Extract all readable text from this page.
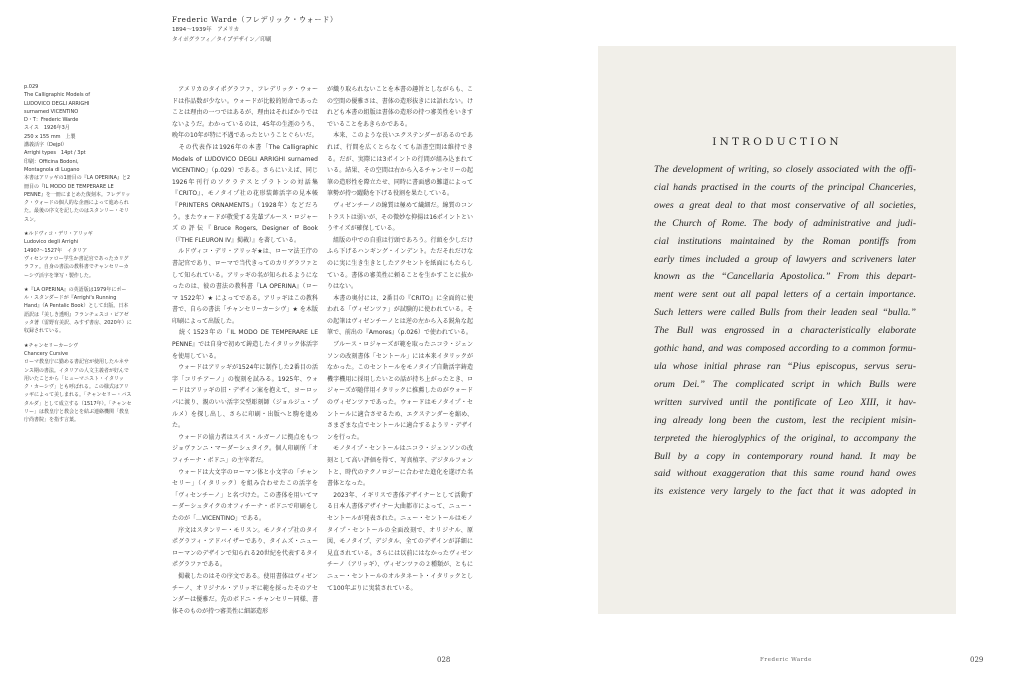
Frederic Warde（フレデリック・ウォード）
1894〜1939年　アメリカ
タイポグラフィ／タイプデザイン／印刷

p.029

The Calligraphic Models of
LUDOVICO DEGLI ARRIGHI
surnamed VICENTINO

D・T：Frederic Warde
スイス　1926年3月
250 x 155 mm　上製
講義活字（Dejpl）
Arrighi types　14pt / 3pt
印刷：Officina Bodoni,
Montagnola di Lugano

本書はアリッギの1冊目の『LA OPERINA』と2冊目の『IL MODO DE TEMPERARE LE PENNE』を一冊にまとめた復刻本。フレデリック・ウォードの個人的な企画によって進められた。最後の序文を記したのはスタンリー・モリスン。

★ルドヴィコ・デリ・アリッギ
Ludovico degli Arrighi
1490?〜1527年　イタリア
ヴィセンツァロー学生か書記官であったカリグラファ。自身の書法の教科書でチャンセリーカーシヴ活字を筆写・製作した。

★『LA OPERINA』の英語版は1979年にポール・スタンダードが『Arrighi's Running Hand』（A Pentalic Book）として出版。日本語訳は『美しき透明』フランチェスコ・ビアゼッタ著（雷野有美訳、みすず書房、2020年）に収録されている。

★チャンセリーカーシヴ
Chancery Cursive
ローマ教皇庁に勤める書記官が使用したルネサンス期の書法。イタリアの人文主義者が好んで用いたことから「ヒューマニスト・イタリック・カーシヴ」とも呼ばれる。この様式はアリッギによって美しまれる。「チャンセリー・バスタルダ」として成立する（1517年）。「チャンセリー」は教皇庁と教会とを結ぶ連絡機関「教皇庁尚書院」を指す言葉。

　アメリカのタイポグラファ、フレデリック・ウォードは作品数が少ない。ウォードが比較的短命であったことは理由の一つではあるが、理由はそればかりではないようだ。わかっているのは、45年の生涯のうち、晩年の10年が特に不遇であったということぐらいだ。

　その代表作は1926年の本書「The Calligraphic Models of LUDOVICO DEGLI ARRIGHI surnamed VICENTINO」（p.029）である。さらにいえば、同じ1926年刊行のソクラテスとプラトンの対話集『CRITO』、モノタイプ社の花形装飾活字の見本帳『PRINTERS ORNAMENTS』（1928年）などだろう。またウォードが敬愛する先輩ブルース・ロジャーズの評伝『Bruce Rogers, Designer of Book（『THE FLEURON IV』掲載）』を著している。

　ルドヴィコ・デリ・アリッギ★は、ローマ法王庁の書記官であり、ローマで当代きってのカリグラファとして知られている。アリッギの名が知られるようになったのは、彼の書法の教科書『LA OPERINA』（ローマ 1522年）★ によってである。アリッギはこの教科書で、自らの書法「チャンセリーカーシヴ」★ を木版印刷によって出版した。

　続く1523年の『IL MODO DE TEMPERARE LE PENNE』では自身で初めて鋳造したイタリック体活字を使用している。

　ウォードはアリッギが1524年に制作した2番目の活字「コリチアーノ」の復刻を試みる。1925年、ウォードはアリッギの旧・デザイン案を抱えて、ヨーロッパに渡り、親のいい活字父型彫刻師（ジョルジュ・プルメ）を探し出し、さらに印刷・出版へと駒を進めた。

　ウォードの協力者はスイス・ルガーノに拠点をもつジョヴァンニ・マーダーシュタイク。個人印刷所「オフィチーナ・ボドニ」の主宰者だ。

　ウォードは大文字のローマン体と小文字の「チャンセリー」（イタリック）を組み合わせたこの活字を「ヴィセンチーノ」と名づけた。この書体を用いてマーダーシュタイクのオフィチーナ・ボドニで印刷をしたのが「…VICENTINO」である。

　序文はスタンリー・モリスン。モノタイプ社のタイポグラフィ・アドバイザーであり、タイムズ・ニューローマンのデザインで知られる20世紀を代表するタイポグラファである。

　掲載したのはその序文である。使用書体はヴィゼンチーノ、オリジナル・アリッギに範を採ったそのアセンダーは優雅だ。先のボドニ・チャンセリー同様、書体そのものが持つ審美性に細部造形

が織り取られないことを本書の趣旨としながらも、この空間の優雅さは、書体の造形抜きには語れない。けれども本書の組版は書体の造形の持つ審美性をいきすでいることをあきらかである。

　本来、このような長いエクステンダーがあるのであれば、行間を広くとらなくても語書空間は維持できる。だが、実際には3ポイントの行間が組み込まれている。結果、その空間は右から入るチャンセリーの起筆の造形性を際立たせ、同時に書面感の難道によって筆勢が持つ躍動を下げる役割を果たしている。

　ヴィゼンチーノの線質は極めて繊細だ。線質のコントラストは弱いが、その微妙な抑揚は16ポイントというサイズが確保している。

　組版の中での自重は行頭であろう。行頭を少しだけふら下げるハンギング・インデント。ただそれだけなのに実に生き生きとしたアクセントを紙面にもたらしている。書体の審美性に頼ることを生かすことに抜かりはない。

　本書の奥付には、2番目の『CRITO』に全面的に使われる「ヴィゼンツァ」が試験的に使われている。その起筆はヴィゼンチーノとは逆の左から入る鋭角な起筆で、前出の『Amores』（p.026）で使われている。

　ブルース・ロジャーズが範を取ったニコラ・ジェンソンの改刻書体「セントール」には本来イタリックがなかった。このセントールをモノタイプ自動活字鋳造機字機用に採用したいとの話が持ち上がったとき、ロジャーズが随伴用イタリックに推薦したのがウォードのヴィゼンツァであった。ウォードはモノタイプ・セントールに適合させるため、エクステンダーを縮め、さまざまな点でセントールに適合するようリ・デザインを行った。

　モノタイプ・セントールはニコラ・ジェンソンの改刻として高い評価を得て、写真植字、デジタルフォントと、時代のテクノロジーに合わせた進化を遂げた名書体となった。

　2023年、イギリスで書体デザイナーとして活動する日本人書体デザイナー大曲都市によって、ニュー・セントールが発表された。ニュー・セントールはモノタイプ・セントールの全面改刻で、オリジナル、原図、モノタイプ、デジタル、全てのデザインが詳細に見直されている。さらには以前にはなかったヴィゼンチーノ（アリッギ）、ヴィゼンツァの２種類が、ともにニュー・セントールのオルタネート・イタリックとして100年ぶりに実装されている。

028
INTRODUCTION
The development of writing, so closely associated with the offi-
cial hands practised in the courts of the principal Chanceries,
owes a great deal to that most conservative of all societies,
the Church of Rome. The body of administrative and judi-
cial institutions maintained by the Roman pontiffs from
early times included a group of lawyers and scriveners later
known as the “Cancellaria Apostolica.” From this depart-
ment were sent out all papal letters of a certain importance.
Such letters were called Bulls from their leaden seal “bulla.”
The Bull was engrossed in a characteristically elaborate
gothic hand, and was composed according to a common formu-
ula whose initial phrase ran “Pius episcopus, servus seru-
orum Dei.” The complicated script in which Bulls were
written survived until the pontificate of Leo XIII, it hav-
ing already long been the custom, lest the recipient misin-
terpreted the hieroglyphics of the original, to accompany the
Bull by a copy in contemporary round hand. It may be
said without exaggeration that this same round hand owes
its existence very largely to the fact that it was adopted in
Frederic Warde	029
